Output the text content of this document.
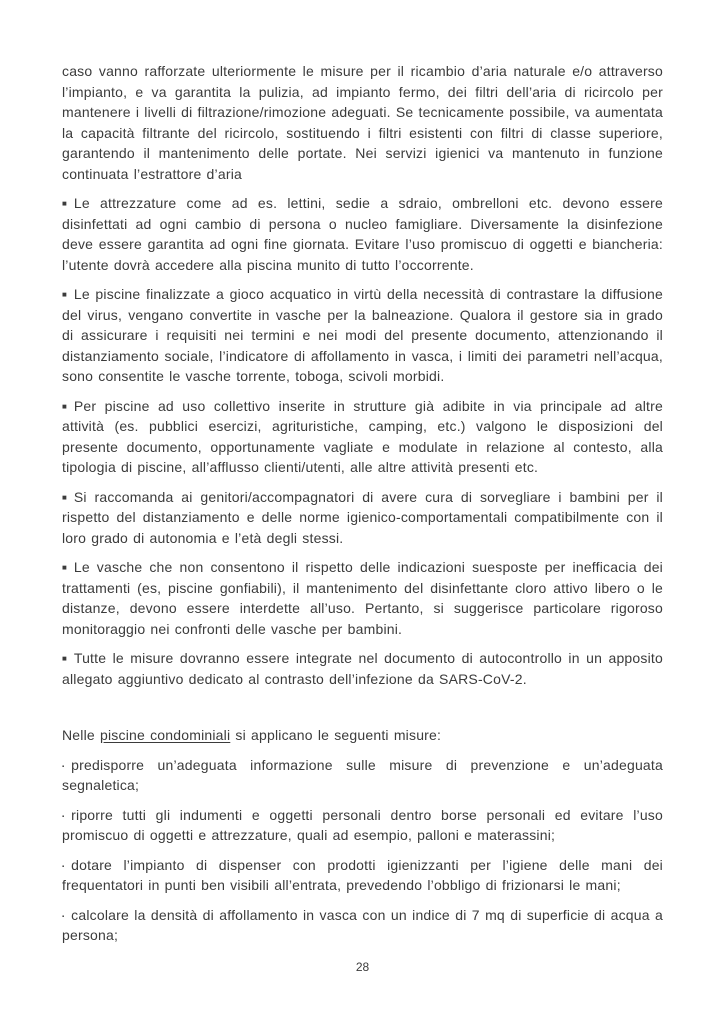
caso vanno rafforzate ulteriormente le misure per il ricambio d’aria naturale e/o attraverso l’impianto, e va garantita la pulizia, ad impianto fermo, dei filtri dell’aria di ricircolo per mantenere i livelli di filtrazione/rimozione adeguati. Se tecnicamente possibile, va aumentata la capacità filtrante del ricircolo, sostituendo i filtri esistenti con filtri di classe superiore, garantendo il mantenimento delle portate. Nei servizi igienici va mantenuto in funzione continuata l’estrattore d’aria

■ Le attrezzature come ad es. lettini, sedie a sdraio, ombrelloni etc. devono essere disinfettati ad ogni cambio di persona o nucleo famigliare. Diversamente la disinfezione deve essere garantita ad ogni fine giornata. Evitare l’uso promiscuo di oggetti e biancheria: l’utente dovrà accedere alla piscina munito di tutto l’occorrente.

■ Le piscine finalizzate a gioco acquatico in virtù della necessità di contrastare la diffusione del virus, vengano convertite in vasche per la balneazione. Qualora il gestore sia in grado di assicurare i requisiti nei termini e nei modi del presente documento, attenzionando il distanziamento sociale, l’indicatore di affollamento in vasca, i limiti dei parametri nell’acqua, sono consentite le vasche torrente, toboga, scivoli morbidi.

■ Per piscine ad uso collettivo inserite in strutture già adibite in via principale ad altre attività (es. pubblici esercizi, agrituristiche, camping, etc.) valgono le disposizioni del presente documento, opportunamente vagliate e modulate in relazione al contesto, alla tipologia di piscine, all’afflusso clienti/utenti, alle altre attività presenti etc.

■ Si raccomanda ai genitori/accompagnatori di avere cura di sorvegliare i bambini per il rispetto del distanziamento e delle norme igienico-comportamentali compatibilmente con il loro grado di autonomia e l’età degli stessi.

■ Le vasche che non consentono il rispetto delle indicazioni suesposte per inefficacia dei trattamenti (es, piscine gonfiabili), il mantenimento del disinfettante cloro attivo libero o le distanze, devono essere interdette all’uso. Pertanto, si suggerisce particolare rigoroso monitoraggio nei confronti delle vasche per bambini.

■ Tutte le misure dovranno essere integrate nel documento di autocontrollo in un apposito allegato aggiuntivo dedicato al contrasto dell’infezione da SARS-CoV-2.

Nelle piscine condominiali si applicano le seguenti misure:

▪ predisporre un’adeguata informazione sulle misure di prevenzione e un’adeguata segnaletica;

▪ riporre tutti gli indumenti e oggetti personali dentro borse personali ed evitare l’uso promiscuo di oggetti e attrezzature, quali ad esempio, palloni e materassini;

▪ dotare l’impianto di dispenser con prodotti igienizzanti per l’igiene delle mani dei frequentatori in punti ben visibili all’entrata, prevedendo l’obbligo di frizionarsi le mani;

▪ calcolare la densità di affollamento in vasca con un indice di 7 mq di superficie di acqua a persona;

28
